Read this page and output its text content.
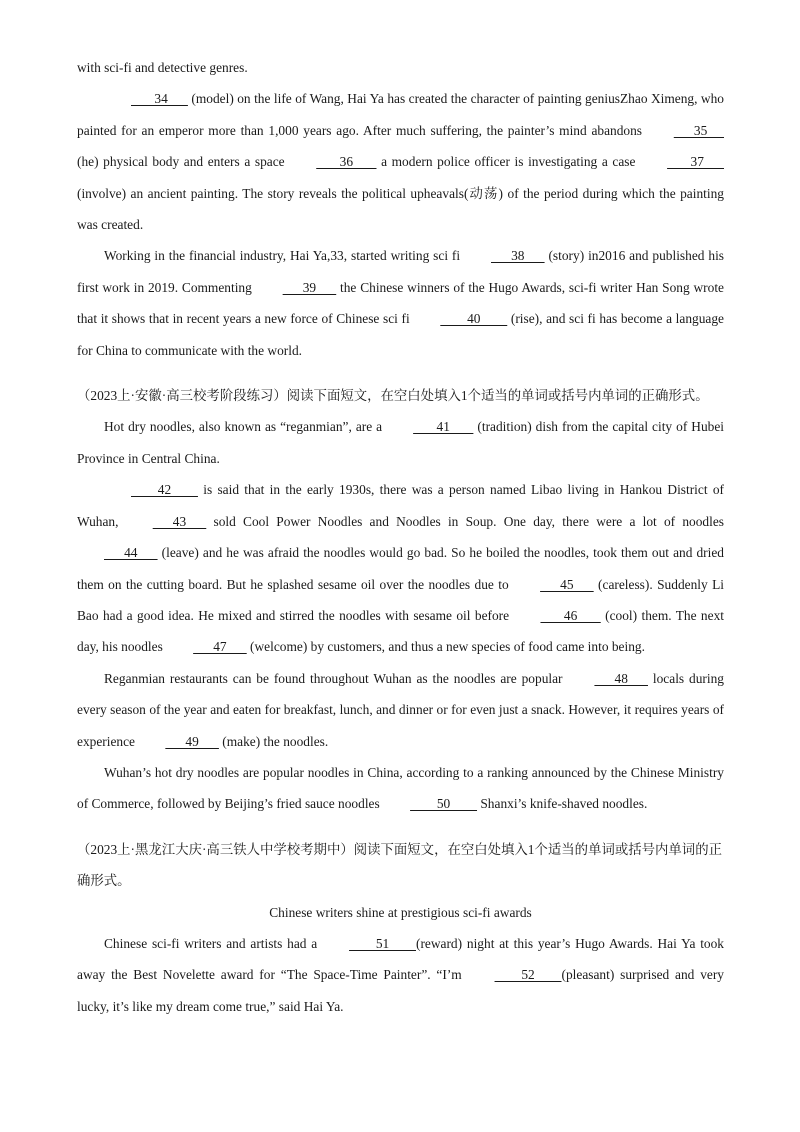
with sci-fi and detective genres.

34       (model) on the life of Wang, Hai Ya has created the character of painting geniusZhao Ximeng, who painted for an emperor more than 1,000 years ago. After much suffering, the painter’s mind abandons       35      (he) physical body and enters a space        36        a modern police officer is investigating a case        37       (involve) an ancient painting. The story reveals the political upheavals(动荡) of the period during which the painting was created.

Working in the financial industry, Hai Ya,33, started writing sci fi       38       (story) in2016 and published his first work in 2019. Commenting       39       the Chinese winners of the Hugo Awards, sci-fi writer Han Song wrote that it shows that in recent years a new force of Chinese sci fi         40         (rise), and sci fi has become a language for China to communicate with the world.

（2023上·安徽·高三校考阶段练习）阅读下面短文，在空白处填入1个适当的单词或括号内单词的正确形式。

Hot dry noodles, also known as “reganmian”, are a        41        (tradition) dish from the capital city of Hubei Province in Central China.

42         is said that in the early 1930s, there was a person named Libao living in Hankou District of Wuhan,       43       sold Cool Power Noodles and Noodles in Soup. One day, there were a lot of noodles       44       (leave) and he was afraid the noodles would go bad. So he boiled the noodles, took them out and dried them on the cutting board. But he splashed sesame oil over the noodles due to       45       (careless). Suddenly Li Bao had a good idea. He mixed and stirred the noodles with sesame oil before        46        (cool) them. The next day, his noodles       47       (welcome) by customers, and thus a new species of food came into being.

Reganmian restaurants can be found throughout Wuhan as the noodles are popular       48       locals during every season of the year and eaten for breakfast, lunch, and dinner or for even just a snack. However, it requires years of experience       49       (make) the noodles.

Wuhan’s hot dry noodles are popular noodles in China, according to a ranking announced by the Chinese Ministry of Commerce, followed by Beijing’s fried sauce noodles         50         Shanxi’s knife-shaved noodles.

（2023上·黑龙江大庆·高三铁人中学校考期中）阅读下面短文，在空白处填入1个适当的单词或括号内单词的正确形式。

Chinese writers shine at prestigious sci-fi awards

Chinese sci-fi writers and artists had a         51        (reward) night at this year’s Hugo Awards. Hai Ya took away the Best Novelette award for “The Space-Time Painter”. “I’m         52        (pleasant) surprised and very lucky, it’s like my dream come true,” said Hai Ya.
